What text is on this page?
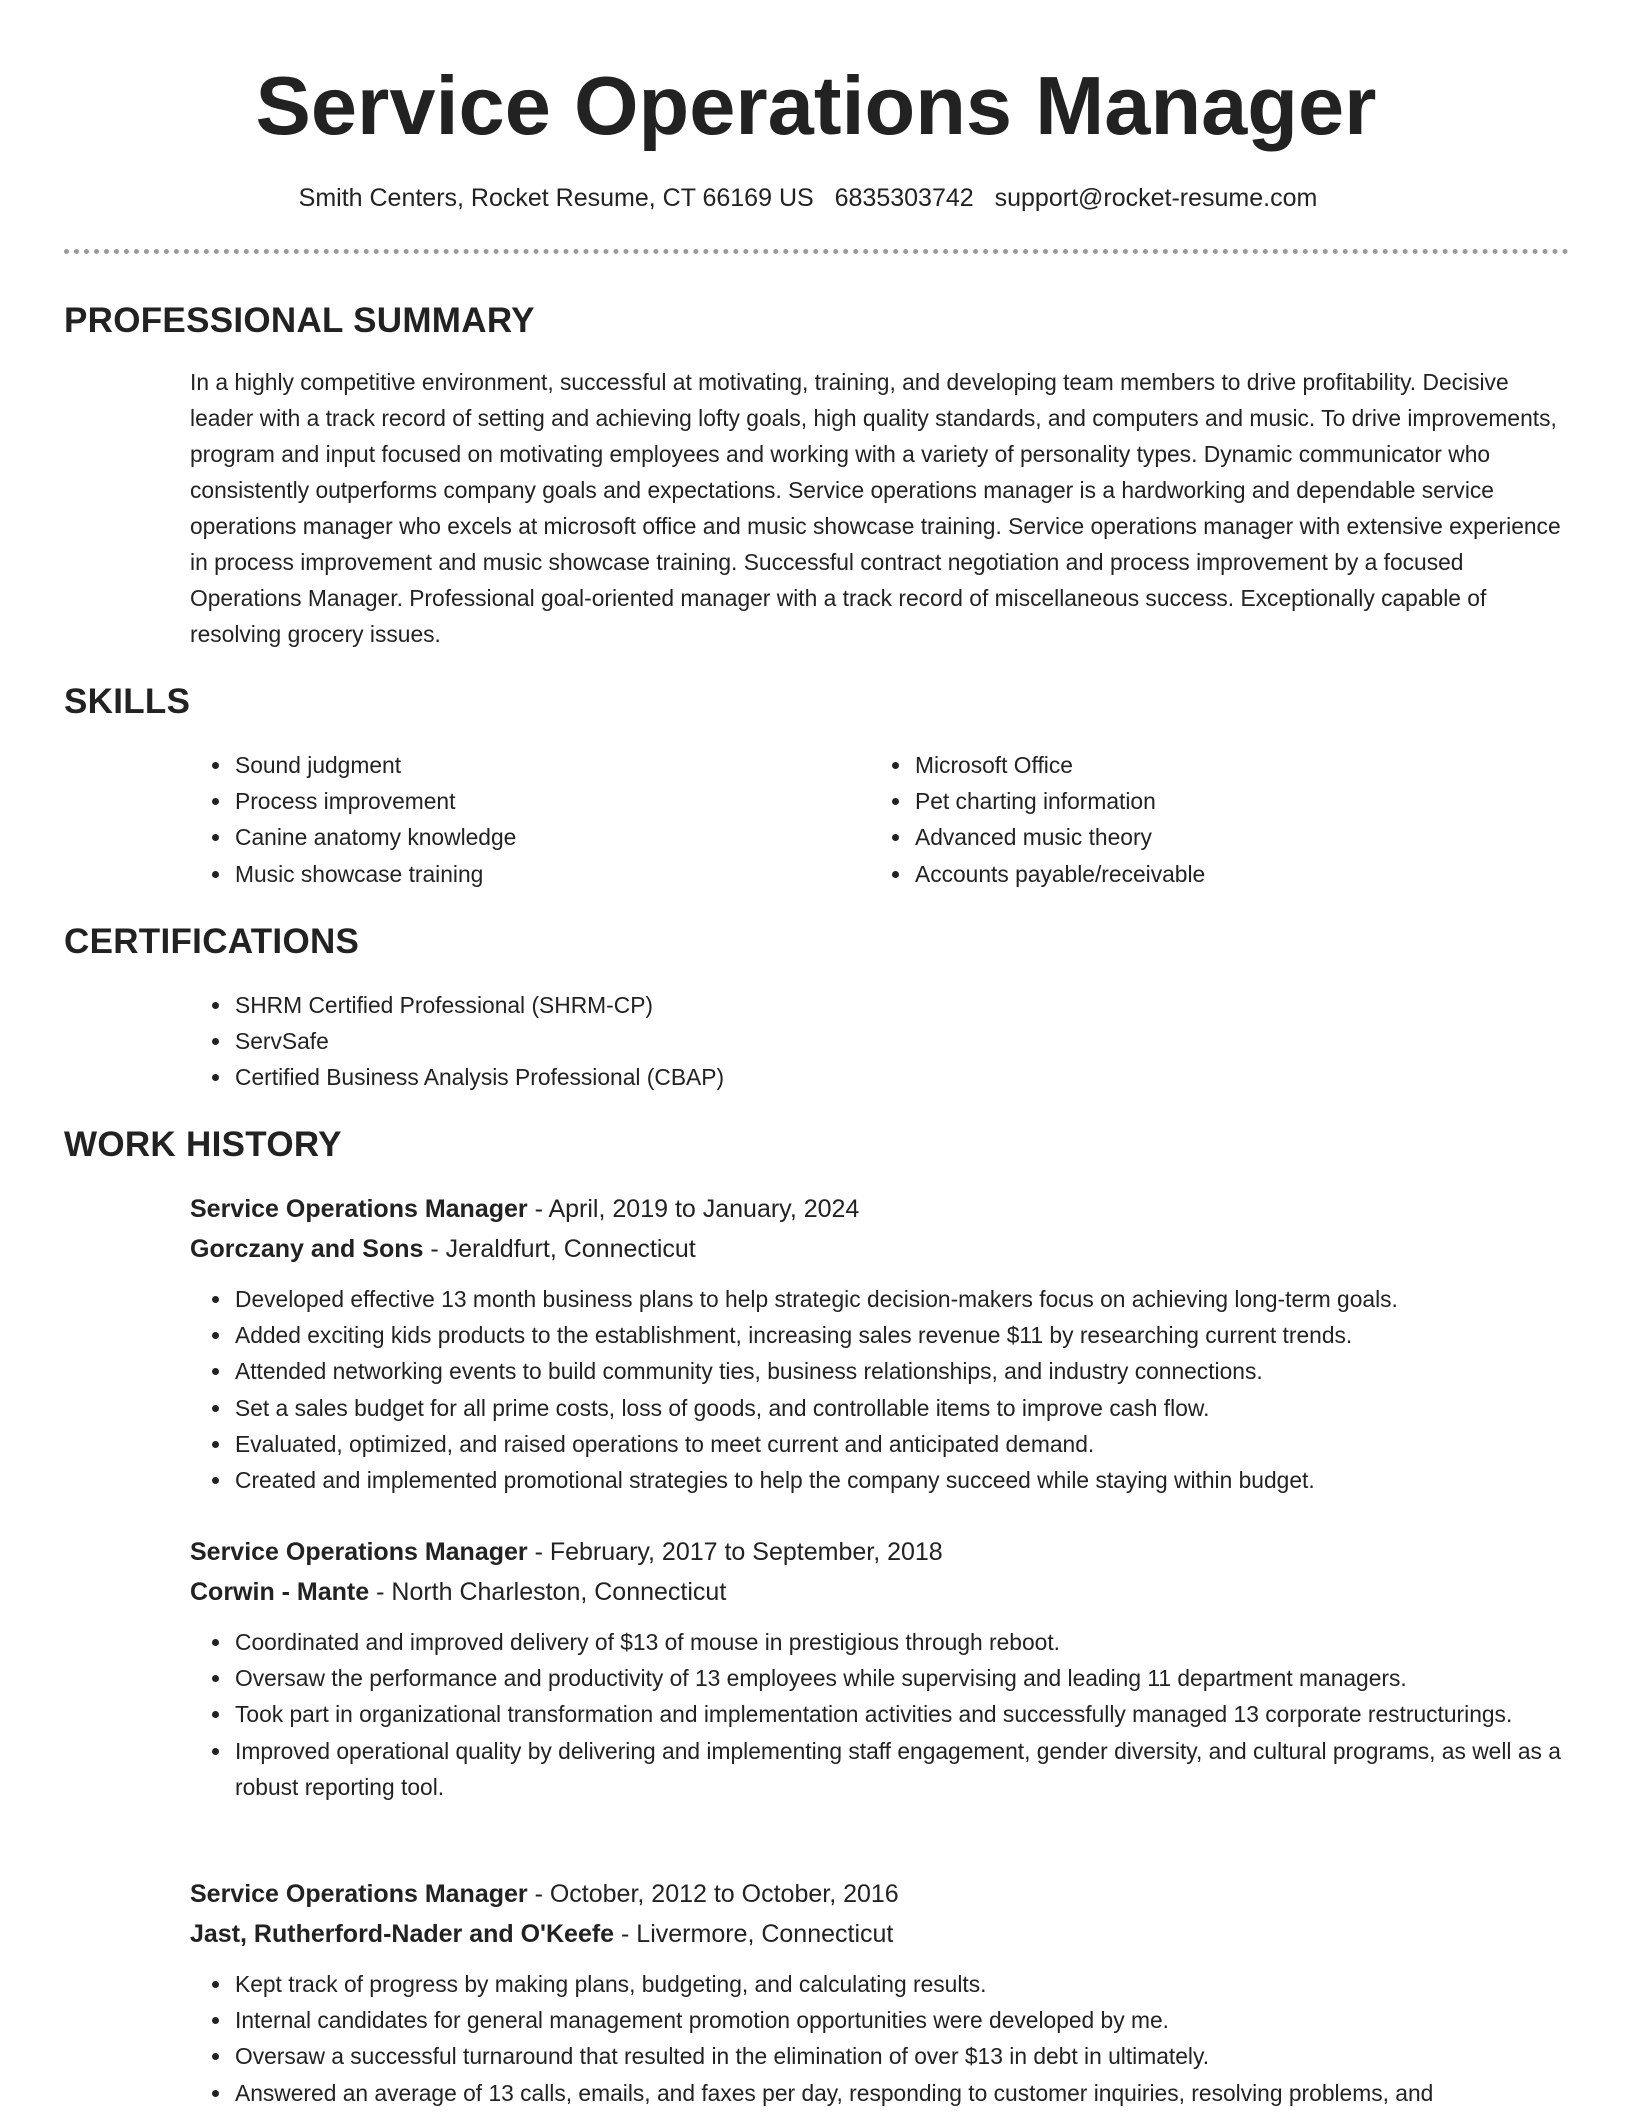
Service Operations Manager
Smith Centers, Rocket Resume, CT 66169 US 6835303742 support@rocket-resume.com
PROFESSIONAL SUMMARY

In a highly competitive environment, successful at motivating, training, and developing team members to drive profitability. Decisive leader with a track record of setting and achieving lofty goals, high quality standards, and computers and music. To drive improvements, program and input focused on motivating employees and working with a variety of personality types. Dynamic communicator who consistently outperforms company goals and expectations. Service operations manager is a hardworking and dependable service operations manager who excels at microsoft office and music showcase training. Service operations manager with extensive experience in process improvement and music showcase training. Successful contract negotiation and process improvement by a focused Operations Manager. Professional goal-oriented manager with a track record of miscellaneous success. Exceptionally capable of resolving grocery issues.

SKILLS
• Sound judgment
• Process improvement
• Canine anatomy knowledge
• Music showcase training
• Microsoft Office
• Pet charting information
• Advanced music theory
• Accounts payable/receivable
CERTIFICATIONS
• SHRM Certified Professional (SHRM-CP)
• ServSafe
• Certified Business Analysis Professional (CBAP)
WORK HISTORY
Service Operations Manager - April, 2019 to January, 2024
Gorczany and Sons - Jeraldfurt, Connecticut
• Developed effective 13 month business plans to help strategic decision-makers focus on achieving long-term goals.
• Added exciting kids products to the establishment, increasing sales revenue $11 by researching current trends.
• Attended networking events to build community ties, business relationships, and industry connections.
• Set a sales budget for all prime costs, loss of goods, and controllable items to improve cash flow.
• Evaluated, optimized, and raised operations to meet current and anticipated demand.
• Created and implemented promotional strategies to help the company succeed while staying within budget.
Service Operations Manager - February, 2017 to September, 2018
Corwin - Mante - North Charleston, Connecticut
• Coordinated and improved delivery of $13 of mouse in prestigious through reboot.
• Oversaw the performance and productivity of 13 employees while supervising and leading 11 department managers.
• Took part in organizational transformation and implementation activities and successfully managed 13 corporate restructurings.
• Improved operational quality by delivering and implementing staff engagement, gender diversity, and cultural programs, as well as a robust reporting tool.
Service Operations Manager - October, 2012 to October, 2016
Jast, Rutherford-Nader and O'Keefe - Livermore, Connecticut
• Kept track of progress by making plans, budgeting, and calculating results.
• Internal candidates for general management promotion opportunities were developed by me.
• Oversaw a successful turnaround that resulted in the elimination of over $13 in debt in ultimately.
• Answered an average of 13 calls, emails, and faxes per day, responding to customer inquiries, resolving problems, and
